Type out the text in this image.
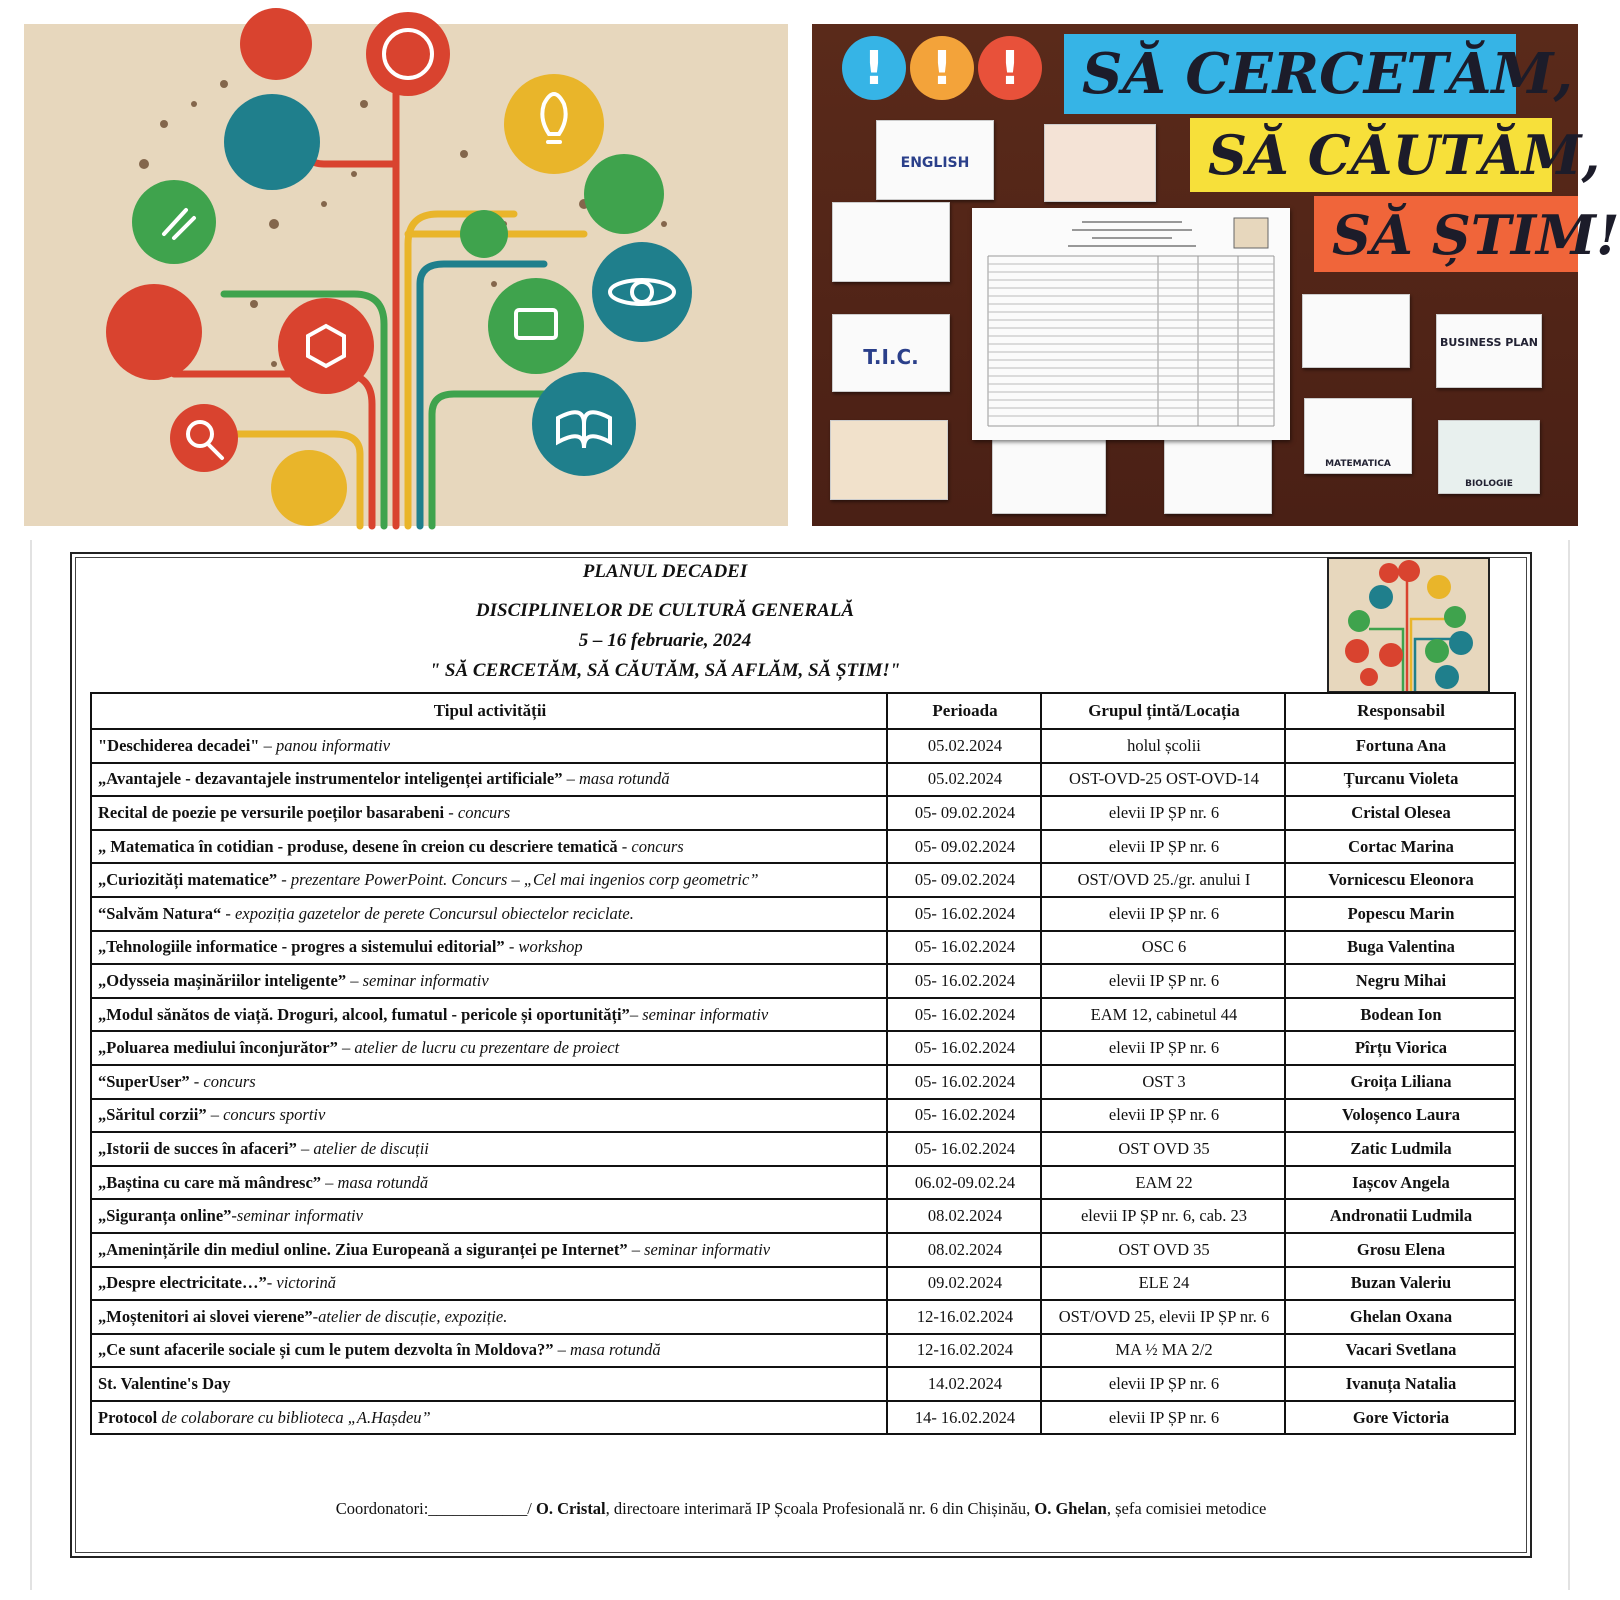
!	!	!	SĂ CERCETĂM,
SĂ CĂUTĂM,
SĂ ȘTIM!
ENGLISH
T.I.C.
BUSINESS PLAN
MATEMATICA
BIOLOGIE
PLANUL DECADEI
DISCIPLINELOR DE CULTURĂ GENERALĂ
5 – 16 februarie, 2024
" SĂ CERCETĂM, SĂ CĂUTĂM, SĂ AFLĂM, SĂ ȘTIM!"
Tipul activității	Perioada	Grupul țintă/Locația	Responsabil
"Deschiderea decadei" – panou informativ	05.02.2024	holul școlii	Fortuna Ana
„Avantajele - dezavantajele instrumentelor inteligenței artificiale” – masa rotundă	05.02.2024	OST-OVD-25 OST-OVD-14	Țurcanu Violeta
Recital de poezie pe versurile poeților basarabeni - concurs	05- 09.02.2024	elevii IP ȘP nr. 6	Cristal Olesea
„ Matematica în cotidian - produse, desene în creion cu descriere tematică - concurs	05- 09.02.2024	elevii IP ȘP nr. 6	Cortac Marina
„Curiozități matematice” - prezentare PowerPoint. Concurs – „Cel mai ingenios corp geometric”	05- 09.02.2024	OST/OVD 25./gr. anului I	Vornicescu Eleonora
“Salvăm Natura“ - expoziția gazetelor de perete Concursul obiectelor reciclate.	05- 16.02.2024	elevii IP ȘP nr. 6	Popescu Marin
„Tehnologiile informatice - progres a sistemului editorial” - workshop	05- 16.02.2024	OSC 6	Buga Valentina
„Odysseia mașinăriilor inteligente” – seminar informativ	05- 16.02.2024	elevii IP ȘP nr. 6	Negru Mihai
„Modul sănătos de viață. Droguri, alcool, fumatul - pericole și oportunități”– seminar informativ	05- 16.02.2024	EAM 12, cabinetul 44	Bodean Ion
„Poluarea mediului înconjurător” – atelier de lucru cu prezentare de proiect	05- 16.02.2024	elevii IP ȘP nr. 6	Pîrțu Viorica
“SuperUser” - concurs	05- 16.02.2024	OST 3	Groița Liliana
„Săritul corzii” – concurs sportiv	05- 16.02.2024	elevii IP ȘP nr. 6	Voloșenco Laura
„Istorii de succes în afaceri” – atelier de discuții	05- 16.02.2024	OST OVD 35	Zatic Ludmila
„Baștina cu care mă mândresc” – masa rotundă	06.02-09.02.24	EAM 22	Iașcov Angela
„Siguranța online”-seminar informativ	08.02.2024	elevii IP ȘP nr. 6, cab. 23	Andronatii Ludmila
„Amenințările din mediul online. Ziua Europeană a siguranței pe Internet” – seminar informativ	08.02.2024	OST OVD 35	Grosu Elena
„Despre electricitate…”- victorină	09.02.2024	ELE 24	Buzan Valeriu
„Moștenitori ai slovei vierene”-atelier de discuție, expoziție.	12-16.02.2024	OST/OVD 25, elevii IP ȘP nr. 6	Ghelan Oxana
„Ce sunt afacerile sociale și cum le putem dezvolta în Moldova?” – masa rotundă	12-16.02.2024	MA ½ MA 2/2	Vacari Svetlana
St. Valentine's Day	14.02.2024	elevii IP ȘP nr. 6	Ivanuța Natalia
Protocol de colaborare cu biblioteca „A.Hașdeu”	14- 16.02.2024	elevii IP ȘP nr. 6	Gore Victoria
Coordonatori:____________/ O. Cristal, directoare interimară IP Școala Profesională nr. 6 din Chișinău, O. Ghelan, șefa comisiei metodice
